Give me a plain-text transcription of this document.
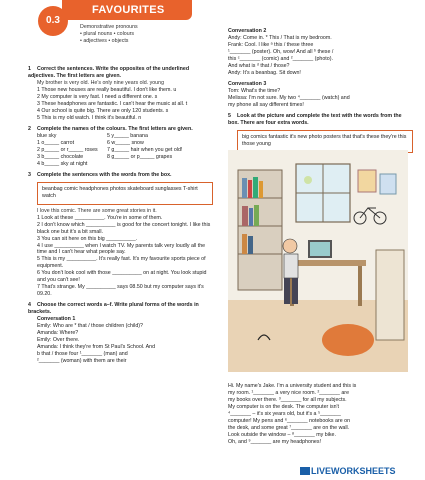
0.3
FAVOURITES
Demonstrative pronouns
• plural nouns • colours
• adjectives • objects
1 Correct the sentences. Write the opposites of the underlined adjectives. The first letters are given.
My brother is very old. He's only nine years old. young
1 Those new houses are really beautiful. I don't like them. u
2 My computer is very fast. I need a different one. s
3 These headphones are fantastic. I can't hear the music at all. t
4 Our school is quite big. There are only 120 students. s
5 This is my old watch. I think it's beautiful. n
2 Complete the names of the colours. The first letters are given.
blue sky	5 y_____ banana
1 o_____ carrot	6 w_____ snow
2 p_____ or r_____ roses	7 g_____ hair when you get old!
3 b_____ chocolate	8 g_____ or p_____ grapes
4 b_____ sky at night
3 Complete the sentences with the words from the box.
beanbag comic headphones photos skateboard sunglasses T-shirt watch
I love this comic. There are some great stories in it.
1 Look at these __________. You're in some of them.
2 I don't know which __________ is good for the concert tonight. I like this black one but it's a bit small.
3 You can sit here on this big __________.
4 I use __________ when I watch TV. My parents talk very loudly all the time and I can't hear what people say.
5 This is my __________. It's really fast. It's my favourite sports piece of equipment.
6 You don't look cool with those __________ on at night. You look stupid and you can't see!
7 That's strange. My __________ says 08.50 but my computer says it's 09.20.
4 Choose the correct words a–f. Write plural forms of the words in brackets.
Conversation 1
Emily: Who are * that / those children (child)?
Amanda: Where?
Emily: Over there.
Amanda: I think they're from St Paul's School. And
b that / those four ¹_______ (man) and
²_______ (woman) with them are their
Conversation 2
Andy: Come in. * This / That is my bedroom.
Frank: Cool. I like ᵃ this / these three
¹_______ (poster). Oh, wow! And all ᵇ these /
this ᶜ_______ (comic) and ²_______ (photo).
And what is ᵈ that / those?
Andy: It's a beanbag. Sit down!
Conversation 3
Tom: What's the time?
Melissa: I'm not sure. My two ⁴_______ (watch) and
my phone all say different times!
5 Look at the picture and complete the text with the words from the box. There are four extra words.
big comics fantastic it's new photo posters that that's these they're this those young
Hi. My name's Jake. I'm a university student and this is
my room. ¹_______ a very nice room. ²_______ are
my books over there. ³_______ for all my subjects.
My computer is on the desk. The computer isn't
⁴_______ – it's six years old, but it's a ⁵_______
computer! My pens and ⁶_______ notebooks are on
the desk, and some great ⁷_______ are on the wall.
Look outside the window – ⁸_______ my bike.
Oh, and ⁹_______ are my headphones!
LIVEWORKSHEETS
